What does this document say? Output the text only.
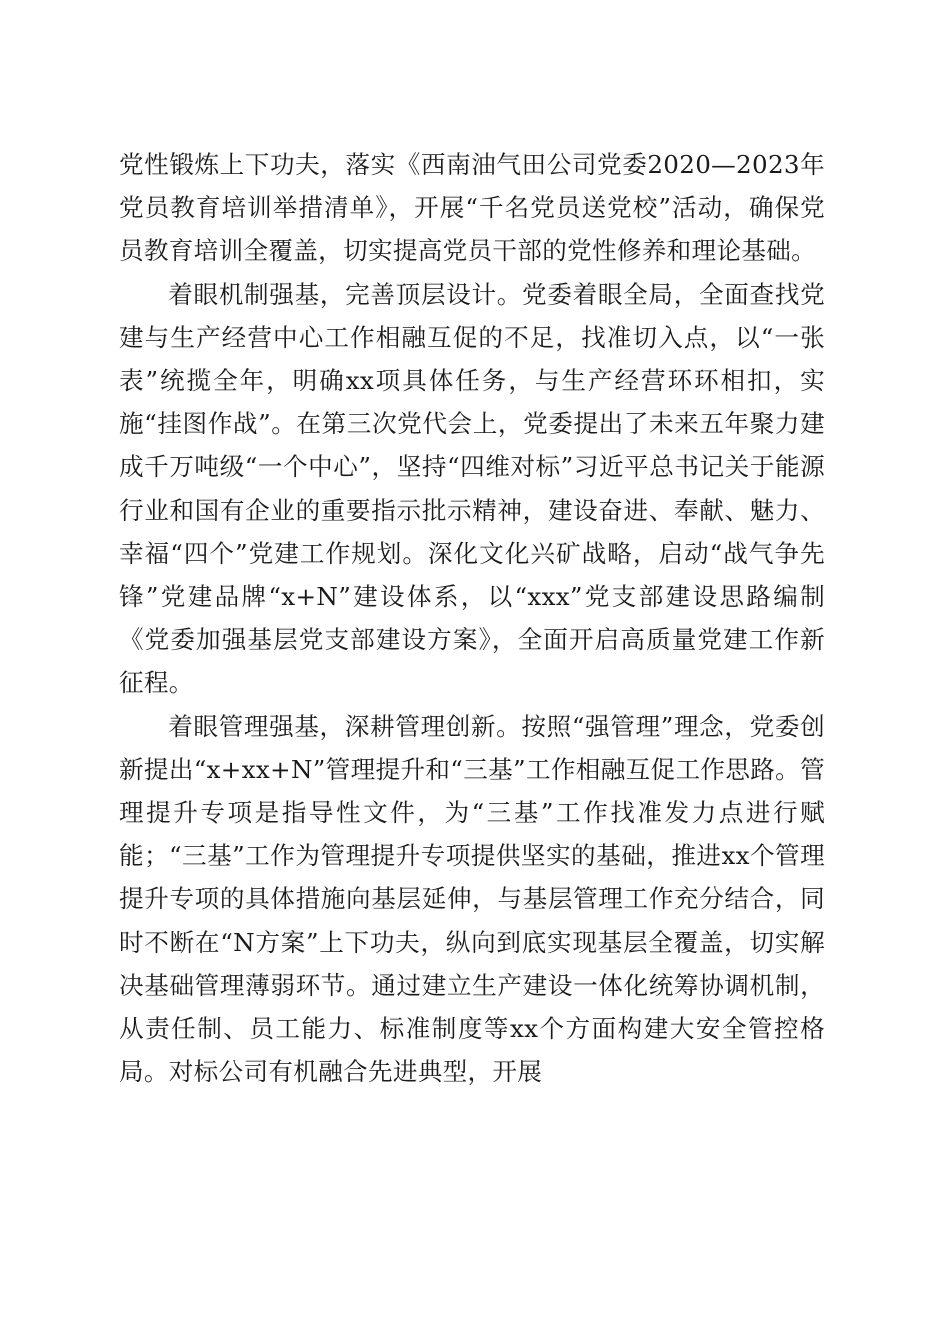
党性锻炼上下功夫，落实《西南油气田公司党委2020—2023年党员教育培训举措清单》，开展“千名党员送党校”活动，确保党员教育培训全覆盖，切实提高党员干部的党性修养和理论基础。

着眼机制强基，完善顶层设计。党委着眼全局，全面查找党建与生产经营中心工作相融互促的不足，找准切入点，以“一张表”统揽全年，明确xx项具体任务，与生产经营环环相扣，实施“挂图作战”。在第三次党代会上，党委提出了未来五年聚力建成千万吨级“一个中心”，坚持“四维对标”习近平总书记关于能源行业和国有企业的重要指示批示精神，建设奋进、奉献、魅力、幸福“四个”党建工作规划。深化文化兴矿战略，启动“战气争先锋”党建品牌“x+N”建设体系，以“xxx”党支部建设思路编制《党委加强基层党支部建设方案》，全面开启高质量党建工作新征程。

着眼管理强基，深耕管理创新。按照“强管理”理念，党委创新提出“x+xx+N”管理提升和“三基”工作相融互促工作思路。管理提升专项是指导性文件，为“三基”工作找准发力点进行赋能；“三基”工作为管理提升专项提供坚实的基础，推进xx个管理提升专项的具体措施向基层延伸，与基层管理工作充分结合，同时不断在“N方案”上下功夫，纵向到底实现基层全覆盖，切实解决基础管理薄弱环节。通过建立生产建设一体化统筹协调机制，从责任制、员工能力、标准制度等xx个方面构建大安全管控格局。对标公司有机融合先进典型，开展
